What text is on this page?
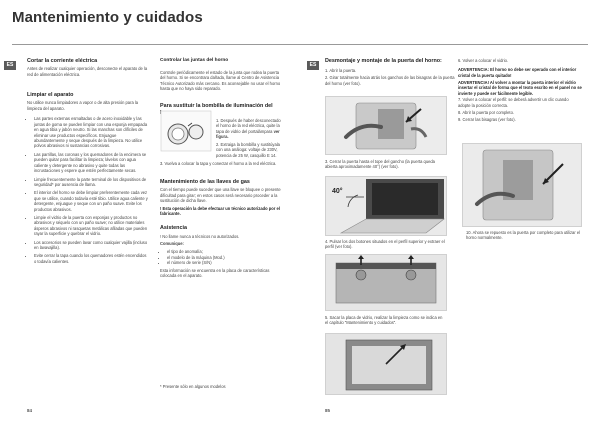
Mantenimiento y cuidados
ES
Cortar la corriente eléctrica

Antes de realizar cualquier operación, desconecte el aparato de la red de alimentación eléctrica.

Limpiar el aparato

No utilice nunca limpiadores a vapor o de alta presión para la limpieza del aparato.

• Las partes externas esmaltadas o de acero inoxidable y las juntas de goma se pueden limpiar con una esponja empapada en agua tibia y jabón neutro. Si las manchas son difíciles de eliminar use productos específicos. Enjuague abundantemente y seque después de la limpieza. No utilice polvos abrasivos ni sustancias corrosivas.
• Las parrillas, las coronas y los quemadores de la encimera se pueden quitar para facilitar la limpieza; lávelos con agua caliente y detergente no abrasivo y quite todas las incrustaciones y espere que estén perfectamente secas.
• Limpie frecuentemente la parte terminal de los dispositivos de seguridad* por ausencia de llama.
• El interior del horno se debe limpiar preferentemente cada vez que se utilice, cuando todavía esté tibio. Utilice agua caliente y detergente, enjuague y seque con un paño suave. Evite los productos abrasivos.
• Limpie el vidrio de la puerta con esponjas y productos no abrasivos y séquelo con un paño suave; no utilice materiales ásperos abrasivos ni rasquetas metálicas afiladas que pueden rayar la superficie y quebrar el vidrio.
• Los accesorios se pueden lavar como cualquier vajilla (incluso en lavavajilla).
• Evite cerrar la tapa cuando los quemadores estén encendidos o todavía calientes.
Controlar las juntas del horno

Controle periódicamente el estado de la junta que rodea la puerta del horno. Si se encontrara dañada, llame al Centro de Asistencia Técnico Autorizado más cercano. Es aconsejable no usar el horno hasta que no haya sido reparado.

Para sustituir la bombilla de iluminación del

1. Después de haber desconectado el horno de la red eléctrica, quite la tapa de vidrio del portalámpara ver figura.

2. Extraiga la bombilla y sustitúyala con una análoga: voltaje de 230V, potencia de 25 W, casquillo E 14.

3. Vuelva a colocar la tapa y conectar el horno a la red eléctrica.

Mantenimiento de las llaves de gas

Con el tiempo puede suceder que una llave se bloquee o presente dificultad para girar; en estos casos será necesario proceder a la sustitución de dicha llave.

! Esta operación la debe efectuar un técnico autorizado por el fabricante.

Asistencia

! No llame nunca a técnicos no autorizados.

Comunique:

• el tipo de anomalía;
• el modelo de la máquina (Mod.)
• el número de serie (S/N)

Esta información se encuentra en la placa de características colocada en el aparato.

* Presente sólo en algunos modelos
84
ES
Desmontaje y montaje de la puerta del horno:

1. Abrir la puerta.

2. Girar totalmente hacia atrás los ganchos de las bisagras de la puerta del horno (ver foto).

3. Cerrar la puerta hasta el tope del gancho (la puerta queda abierta aproximadamente 40°) (ver foto).

40°

4. Pulsar los dos botones situados en el perfil superior y extraer el perfil (ver foto).

5. Sacar la placa de vidrio, realizar la limpieza como se indica en el capítulo "Mantenimiento y cuidados".

6. Volver a colocar el vidrio.

ADVERTENCIA: El horno no debe ser operado con el interior cristal de la puerta quitado!

ADVERTENCIA! Al volver a montar la puerta interior el vidrio insertar el cristal de forma que el texto escrito en el panel no se invierte y puede ser fácilmente legible.

7. Volver a colocar el perfil: se deberá advertir un clic cuando adopte la posición correcta.

8. Abrir la puerta por completo.

9. Cerrar las bisagras (ver foto).

10. Ahora se repuesto es la puerta por completo para utilizar el horno normalmente.

85
